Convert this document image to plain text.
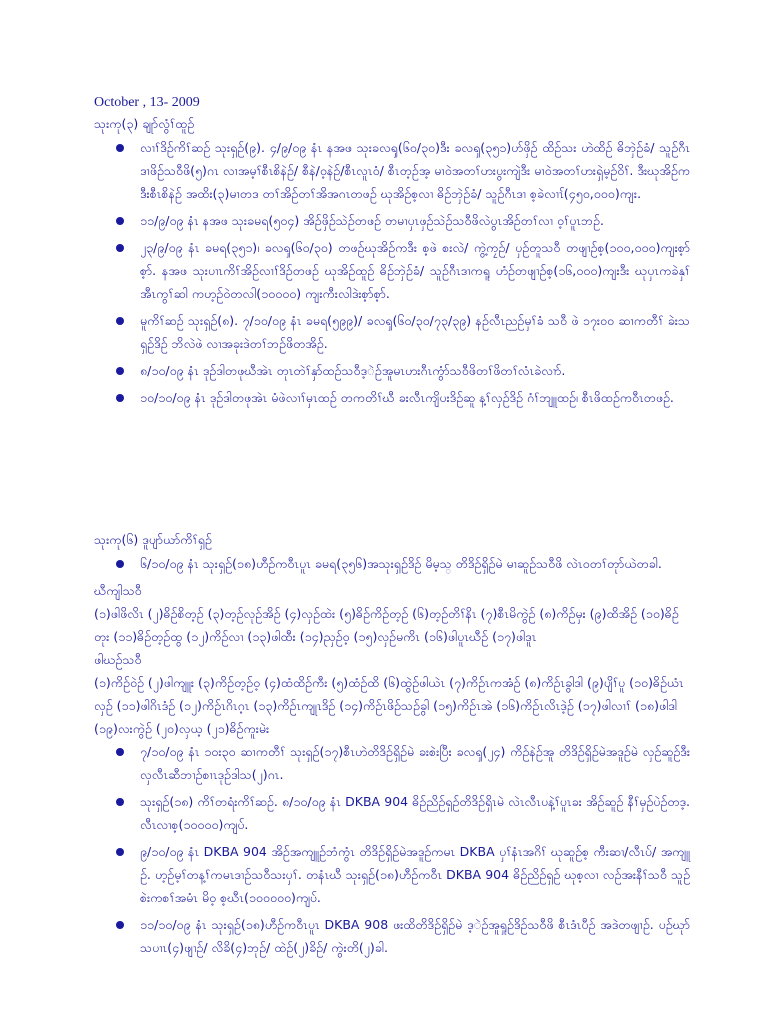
October , 13- 2009

သုးကု(၃) ချုာ်လွံၢ်ထူဉ်

လၢၢ်ဒိဉ်ကိၢ်ဆဉ် သုးရှဉ်(၉). ၄/၉/၀၉ နံၤ နအဖ သုးခလၡ(၆၀/၃၀)ဒီး ခလၡ(၃၅၁)ပာ်ဖှိဉ် ထိဉ်သး ဟဲထိဉ် ဓိဘှဲဉ်ခံ/ သူဉ်ဂီၤဒၢဖိဉ်သဝီဖိ(၅)ဂၤ လၢအမ့ၢ်စီၤစိနဲဉ်/ စီနဲ/ဝ့နဲဉ်/စီၤလူၤဝံ/ စီၤတ့ဉ်အ့ မၢဝဲအတၢ်ဟးပွးကျဲဒီး မၢဝဲအတၢ်ဟးရှဲမ့ဉ်ဝိၢ်. ဒီးဃုအိဉ်ကဒီးစီၤစိနဲဉ် အထိး(၃)မၢတဒ တၢ်အိဉ်တၢ်အိအဂၤတဖဉ် ဃုအိဉ်စ့လၢ ဓိဉ်ဘှဲဉ်ခံ/ သူဉ်ဂီၤဒၢ စ့ခဲလၢၤ်(၄၅၀,၀၀၀)ကျး.
၁၁/၉/၀၉ နံၤ နအဖ သုးခမရ(၅၀၄) အိဉ်ဖှိဉ်သဲဉ်တဖဉ် တမၢပှၤဖှဉ်သဲဉ်သဝီဖိလဲပွၤအိဉ်တၢ်လၢ ဝ့ၢ်ပူၤဘဉ်.
၂၃/၉/၀၉ နံၤ ခမရ(၃၅၁)၊ ခလၡ(၆၀/၃၀) တဖဉ်ဃုအိဉ်ကဒီး စ့ဖဲ စးလဲ/ ကွဲ့ကၠဉ်/ ပှဉ်တူသဝီ တဖျၢဉ်စ့(၁၀၀,၀၀၀)ကျးစ့ာ်စ့ာ်. နအဖ သုးပၢၤကိၢ်အိဉ်လၢၢ်ဒိဉ်တဖဉ် ဃုအိဉ်ထူဉ် ဓိဉ်ဘှဲဉ်ခံ/ သူဉ်ဂီၤဒၢကရူ ဟံဉ်တဖျၢဉ်စ့(၁၆,၀၀၀)ကျးဒီး ဃုပှၤကခဲနှၢ်အီၤကွၢ်ဆါ ကဟ့ဉ်ဝဲတလါ(၁၀၀၀၀) ကျးကီးလါဒဲးစ့ာ်စ့ာ်.
မူကိၢ်ဆဉ် သုးရှဉ်(၈). ၇/၁၀/၀၉ နံၤ ခမရ(၅၉၉)/ ခလၡ(၆၀/၃၀/၇၃/၃၉) နဉ်လီၤညဉ်မှၢ်ခံ သဝီ ဖဲ ၁၇း၀၀ ဆၢကတီၢ် ခဲးသရှဉ်ဒိဉ် ဘိလဲဖဲ လၢအခုးဒဲတၢ်ဘဉ်ဖိတအိဉ်.
၈/၁၀/၀၉ နံၤ ဒုဉ်ဒါတဖုဃီအဲၤ တုၤတဲၢ်နှာ်ထဉ်သဝီဒ့ဲဉ်အူမၤဟးဂီၤကွံာ်သဝီဖိတၢ်ဖိတၢ်လံၤခဲလၢာ်.
၁၀/၁၀/၀၉ နံၤ ဒုဉ်ဒါတဖုအဲၤ မံဖဲလၢၢ်မှၤထဉ် တကတိၢ်ဃီ ခးလီၤကျိပးဒိဉ်ဆူ န့ၢ်လှဉ်ဒိဉ် ဂံၢ်ဘျူထဉ်၊ စီၤဖိထဉ်ကဝီၤတဖဉ်.

သုးကု(၆) ဒူပျာ်ယာ်ကိၢ်ရှဉ်

၆/၁၀/၀၉ နံၤ သုးရှဉ်(၁၈)ဟီဉ်ကဝီၤပူၤ ခမရ(၃၅၆)အသုးရှဉ်ဒိဉ် မိမ့သ္ တိဒိဉ်ရှိဉ်မဲ မၢဆူဉ်သဝီဖိ လဲၤဝတၢ်တုာ်ယဲတခါ.

ဃီကျါသဝီ

(၁)ဖါဖိလိၤ (၂)ဓိဉ်စိတ့ဉ် (၃)တ့ဉ်လုဉ်အိဉ် (၄)လှဉ်ထဲး (၅)ဓိဉ်ကိဉ်တ့ဉ် (၆)တ့ဉ်တိၢ်နိၤ (၇)စီၤမိကွဲဉ် (၈)ကိဉ်မှး (၉)ထိအိဉ် (၁၀)ဓိဉ်တုး (၁၁)ဓိဉ်တ့ဉ်ထွ (၁၂)ကိဉ်လၢ (၁၃)ဖါထီး (၁၄)ညှဉ်ဝ့ (၁၅)လှဉ်မကိၤ (၁၆)ဖါပူၤဃီဉ် (၁၇)ဖါဒူၤ

ဖါဃဉ်သဝီ

(၁)ကိဉ်ဝဲဉ် (၂)ဖါကျူး (၃)ကိဉ်တ့ဉ်ဝ့ (၄)ထံထိဉ်ကီး (၅)ထံဉ်ထိ (၆)ထွဲဉ်ဖါယဲၤ (၇)ကိဉ်ၤကအံဉ် (၈)ကိဉ်ၤခွါဒါ (၉)ပျိၢ်ပူ (၁၀)ဓိဉ်ယံၤလှဉ် (၁၁)ဖါဂိၤဒံဉ် (၁၂)ကိဉ်ၤဂိၤဂ့ၤ (၁၃)ကိဉ်ၤကျုၤဒိဉ် (၁၄)ကိဉ်ၤဖိဉ်သဉ်ခွါ (၁၅)ကိဉ်ၤအဲ (၁၆)ကိဉ်ၤလိၤဒဲ့ဉ် (၁၇)ဖါလၢၢ် (၁၈)ဖါဒါ (၁၉)လးကွဲဉ် (၂၀)လှယ့ (၂၁)ဓိဉ်ကူးမဲး

၇/၁၀/၀၉ နံၤ ၁၀း၃၀ ဆၢကတီၢ် သုးရှဉ်(၁၇)စီၤဟဲတိဒိဉ်ရှိဉ်မဲ ခးစဲးပြီး ခလၡ(၂၄) ကိဉ်နဲဉ်အူ တိဒိဉ်ရှိဉ်မဲအဒူဉ်မဲ လှဉ်ဆူဉ်ဒီး လှလီၤဆီဘၢဉ်စၢၤဒုဉ်ဒါသ(၂)ဂၤ.
သုးရှဉ်(၁၈) ကိၢ်တရံးကိၢ်ဆဉ်. ၈/၁၀/၀၉ နံၤ DKBA 904 ဓိဉ်ညိဉ်ရှဉ်တိဒိဉ်ရှိၤမဲ လဲၤလီၤပနဲ့ၢ်ပူၤခး အိဉ်ဆူဉ် နီၢ်မှဉ်ပဲဉ်တဒ့. လီၤလၢစ့(၁၀၀၀၀)ကျပ်.
၉/၁၀/၀၉ နံၤ DKBA 904 အိဉ်အကျူဉ်ဘံကွံၤ တိဒိဉ်ရှိဉ်မဲအဒူဉ်ကမၤ DKBA ပှၢ်နံၤအဂိၢ် ဃုဆူဉ်စ့ ကီးဆၢ/လီၤပ်/ အကျူဉ်. ဟ့ဉ်မ့ၢ်တန့ၢ်ကမၤဒၢဉ်သဝီသးပှၢ်. တနံၤဃီ သုးရှဉ်(၁၈)ဟီဉ်ကဝီၤ DKBA 904 ဓိဉ်ညိဉ်ရှဉ် ဃုစ့လၢ လဉ်အးနီၢ်သဝီ သူဉ်စဲးကစၢ်အမံၤ မိဝ့ စ့ဃီၤ(၁၀၀၀၀၀)ကျပ်.
၁၁/၁၀/၀၉ နံၤ သုးရှဉ်(၁၈)ဟီဉ်ကဝီၤပူၤ DKBA 908 ဖးထိတိဒိဉ်ရှိဉ်မဲ ဒ့ဲဉ်အူရှုဉ်ဒိဉ်သဝီဖိ စီၤဒံၤပီဉ် အဒဲတဖျၢဉ်. ပဉ်ဃုာ်သပၢၤ(၄)ဖျၢဉ်/ လိခိ(၄)ဘုဉ်/ ထဲဉ်(၂)ခိဉ်/ ကွဲးတိ(၂)ခါ.
